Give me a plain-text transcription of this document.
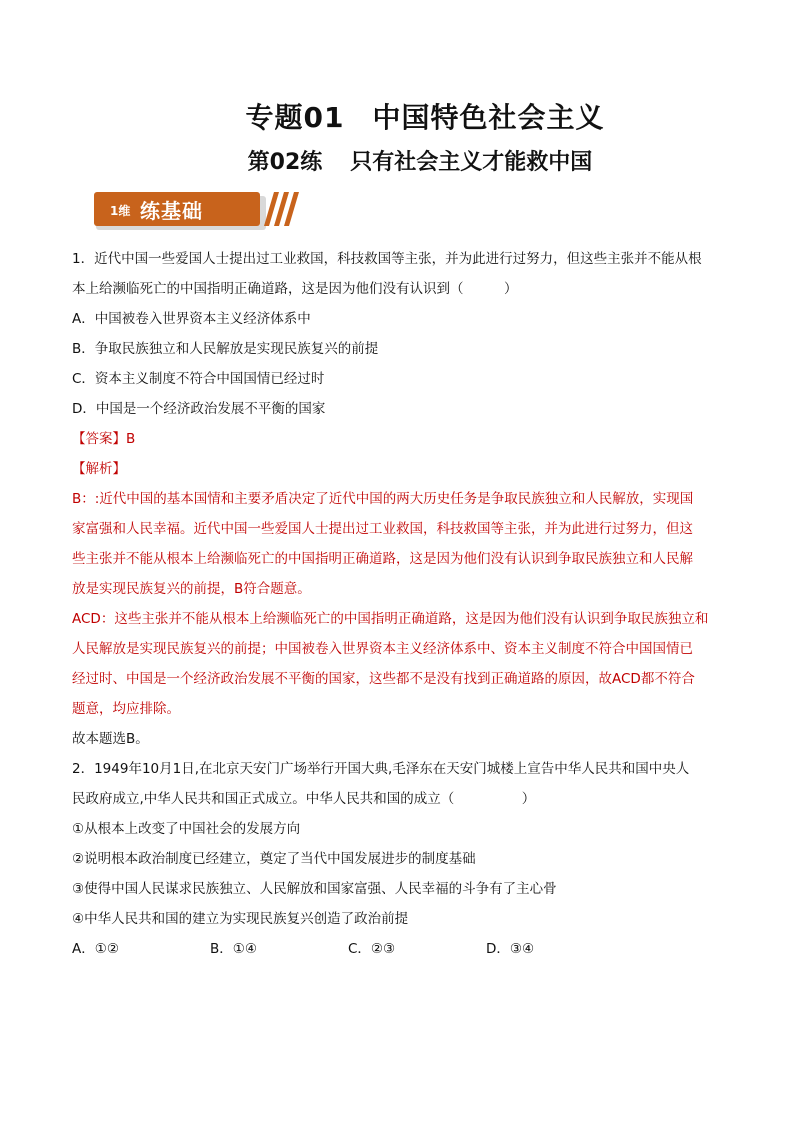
专题01 中国特色社会主义
第02练 只有社会主义才能救中国
1维 练基础

1．近代中国一些爱国人士提出过工业救国，科技救国等主张，并为此进行过努力，但这些主张并不能从根

本上给濒临死亡的中国指明正确道路，这是因为他们没有认识到（　　　）

A．中国被卷入世界资本主义经济体系中

B．争取民族独立和人民解放是实现民族复兴的前提

C．资本主义制度不符合中国国情已经过时

D．中国是一个经济政治发展不平衡的国家

【答案】B

【解析】

B：:近代中国的基本国情和主要矛盾决定了近代中国的两大历史任务是争取民族独立和人民解放，实现国

家富强和人民幸福。近代中国一些爱国人士提出过工业救国，科技救国等主张，并为此进行过努力，但这

些主张并不能从根本上给濒临死亡的中国指明正确道路，这是因为他们没有认识到争取民族独立和人民解

放是实现民族复兴的前提，B符合题意。

ACD：这些主张并不能从根本上给濒临死亡的中国指明正确道路，这是因为他们没有认识到争取民族独立和

人民解放是实现民族复兴的前提；中国被卷入世界资本主义经济体系中、资本主义制度不符合中国国情已

经过时、中国是一个经济政治发展不平衡的国家，这些都不是没有找到正确道路的原因，故ACD都不符合

题意，均应排除。

故本题选B。

2．1949年10月1日,在北京天安门广场举行开国大典,毛泽东在天安门城楼上宣告中华人民共和国中央人

民政府成立,中华人民共和国正式成立。中华人民共和国的成立（　　　　　）

①从根本上改变了中国社会的发展方向

②说明根本政治制度已经建立，奠定了当代中国发展进步的制度基础

③使得中国人民谋求民族独立、人民解放和国家富强、人民幸福的斗争有了主心骨

④中华人民共和国的建立为实现民族复兴创造了政治前提

A．①②	B．①④	C．②③	D．③④
